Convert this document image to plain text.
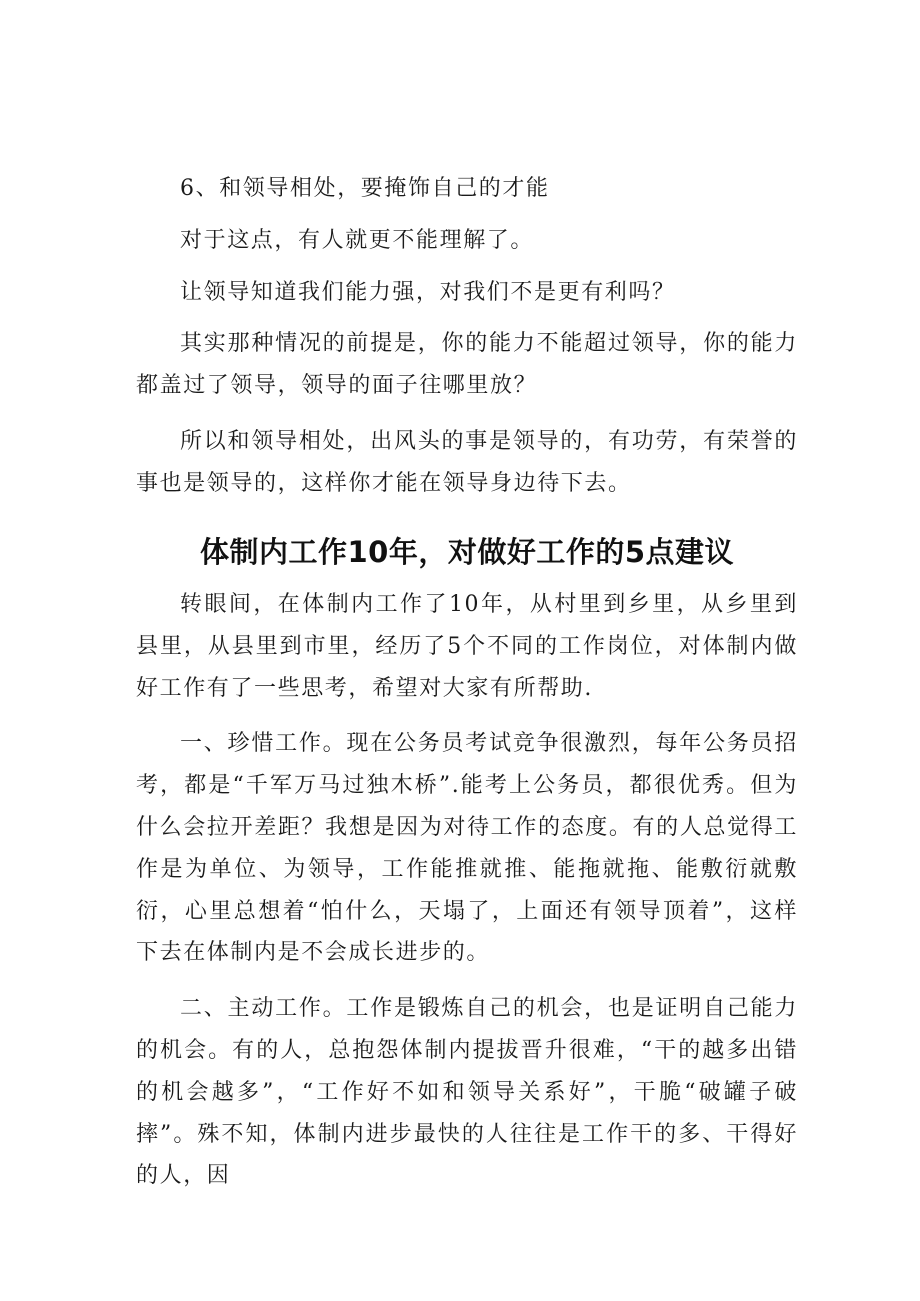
6、和领导相处，要掩饰自己的才能

对于这点，有人就更不能理解了。

让领导知道我们能力强，对我们不是更有利吗？

其实那种情况的前提是，你的能力不能超过领导，你的能力都盖过了领导，领导的面子往哪里放？

所以和领导相处，出风头的事是领导的，有功劳，有荣誉的事也是领导的，这样你才能在领导身边待下去。

体制内工作10年，对做好工作的5点建议

转眼间，在体制内工作了10年，从村里到乡里，从乡里到县里，从县里到市里，经历了5个不同的工作岗位，对体制内做好工作有了一些思考，希望对大家有所帮助.

一、珍惜工作。现在公务员考试竞争很激烈，每年公务员招考，都是“千军万马过独木桥”.能考上公务员，都很优秀。但为什么会拉开差距？我想是因为对待工作的态度。有的人总觉得工作是为单位、为领导，工作能推就推、能拖就拖、能敷衍就敷衍，心里总想着“怕什么，天塌了，上面还有领导顶着”，这样下去在体制内是不会成长进步的。

二、主动工作。工作是锻炼自己的机会，也是证明自己能力的机会。有的人，总抱怨体制内提拔晋升很难，“干的越多出错的机会越多”，“工作好不如和领导关系好”，干脆“破罐子破摔”。殊不知，体制内进步最快的人往往是工作干的多、干得好的人，因
